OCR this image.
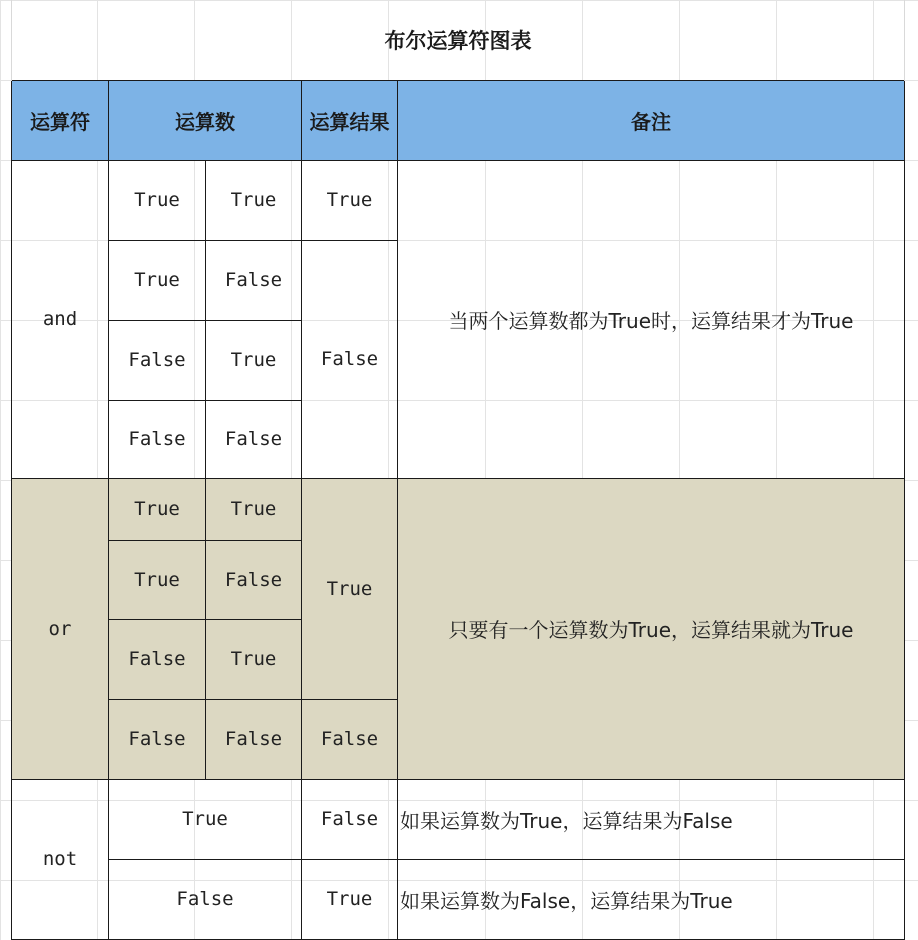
布尔运算符图表				
运算符	运算数		运算结果	备注
and	True	True	True	当两个运算数都为True时，运算结果才为True
	True	False	False	
	False	True		
	False	False		
or	True	True	True	只要有一个运算数为True，运算结果就为True
	True	False		
	False	True		
	False	False	False	
not	True		False	如果运算数为True，运算结果为False
	False		True	如果运算数为False，运算结果为True
